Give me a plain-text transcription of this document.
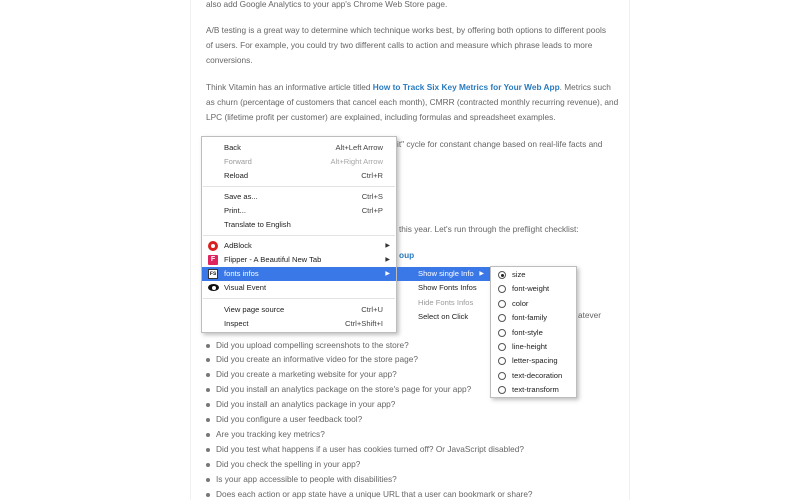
also add Google Analytics to your app's Chrome Web Store page.
A/B testing is a great way to determine which technique works best, by offering both options to different pools
of users. For example, you could try two different calls to action and measure which phrase leads to more
conversions.
Think Vitamin has an informative article titled How to Track Six Key Metrics for Your Web App. Metrics such
as churn (percentage of customers that cancel each month), CMRR (contracted monthly recurring revenue), and
LPC (lifetime profit per customer) are explained, including formulas and spreadsheet examples.
it" cycle for constant change based on real-life facts and
this year. Let's run through the preflight checklist:
oup
atever
Did you upload compelling screenshots to the store?
Did you create an informative video for the store page?
Did you create a marketing website for your app?
Did you install an analytics package on the store's page for your app?
Did you install an analytics package in your app?
Did you configure a user feedback tool?
Are you tracking key metrics?
Did you test what happens if a user has cookies turned off? Or JavaScript disabled?
Did you check the spelling in your app?
Is your app accessible to people with disabilities?
Does each action or app state have a unique URL that a user can bookmark or share?
Back	Alt+Left Arrow
Forward	Alt+Right Arrow
Reload	Ctrl+R
Save as...	Ctrl+S
Print...	Ctrl+P
Translate to English
AdBlock	▶
F	Flipper - A Beautiful New Tab	▶
FS fonts infos	▶
Visual Event
View page source	Ctrl+U
Inspect	Ctrl+Shift+I
Show single Info ▶
Show Fonts Infos
Hide Fonts Infos
Select on Click
size
font-weight
color
font-family
font-style
line-height
letter-spacing
text-decoration
text-transform
